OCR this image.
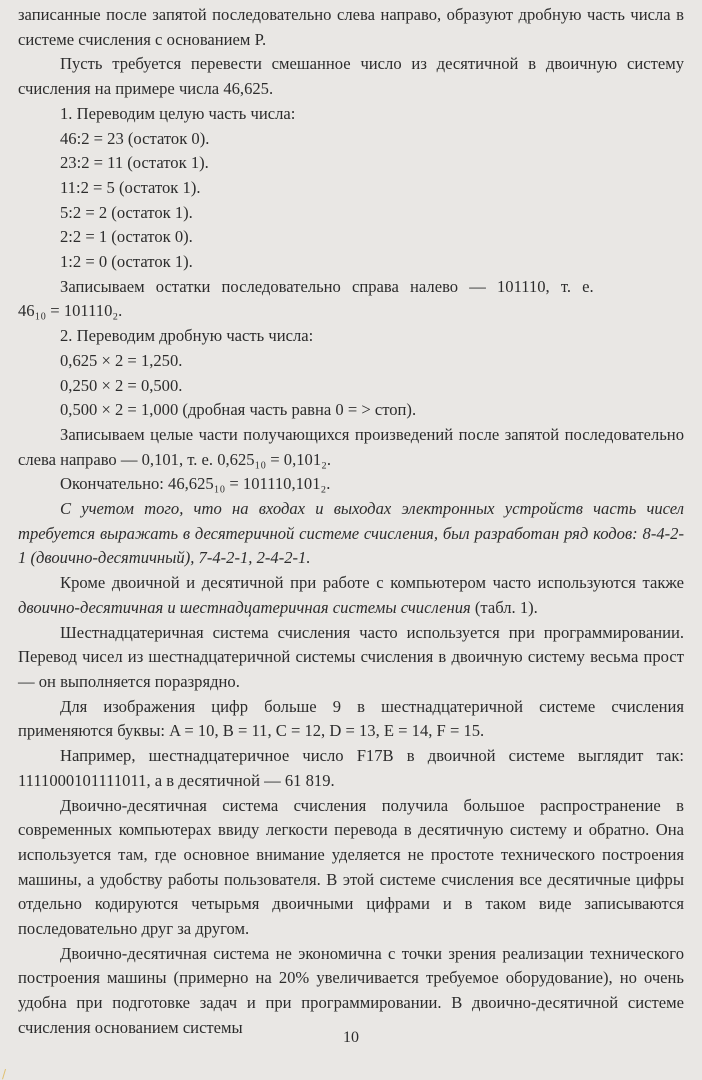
записанные после запятой последовательно слева направо, образуют дробную часть числа в системе счисления с основанием P.

Пусть требуется перевести смешанное число из десятичной в двоичную систему счисления на примере числа 46,625.

1. Переводим целую часть числа:

46:2 = 23 (остаток 0).

23:2 = 11 (остаток 1).

11:2 = 5 (остаток 1).

5:2 = 2 (остаток 1).

2:2 = 1 (остаток 0).

1:2 = 0 (остаток 1).

Записываем остатки последовательно справа налево — 101110, т. е.

46₁₀ = 101110₂.

2. Переводим дробную часть числа:

0,625 × 2 = 1,250.

0,250 × 2 = 0,500.

0,500 × 2 = 1,000 (дробная часть равна 0 = > стоп).

Записываем целые части получающихся произведений после запятой последовательно слева направо — 0,101, т. е. 0,625₁₀ = 0,101₂.

Окончательно: 46,625₁₀ = 101110,101₂.

С учетом того, что на входах и выходах электронных устройств часть чисел требуется выражать в десятеричной системе счисления, был разработан ряд кодов: 8-4-2-1 (двоично-десятичный), 7-4-2-1, 2-4-2-1.

Кроме двоичной и десятичной при работе с компьютером часто используются также двоично-десятичная и шестнадцатеричная системы счисления (табл. 1).

Шестнадцатеричная система счисления часто используется при программировании. Перевод чисел из шестнадцатеричной системы счисления в двоичную систему весьма прост — он выполняется поразрядно.

Для изображения цифр больше 9 в шестнадцатеричной системе счисления применяются буквы: A = 10, B = 11, C = 12, D = 13, E = 14, F = 15.

Например, шестнадцатеричное число F17B в двоичной системе выглядит так: 1111000101111011, а в десятичной — 61 819.

Двоично-десятичная система счисления получила большое распространение в современных компьютерах ввиду легкости перевода в десятичную систему и обратно. Она используется там, где основное внимание уделяется не простоте технического построения машины, а удобству работы пользователя. В этой системе счисления все десятичные цифры отдельно кодируются четырьмя двоичными цифрами и в таком виде записываются последовательно друг за другом.

Двоично-десятичная система не экономична с точки зрения реализации технического построения машины (примерно на 20% увеличивается требуемое оборудование), но очень удобна при подготовке задач и при программировании. В двоично-десятичной системе счисления основанием системы

10
/
